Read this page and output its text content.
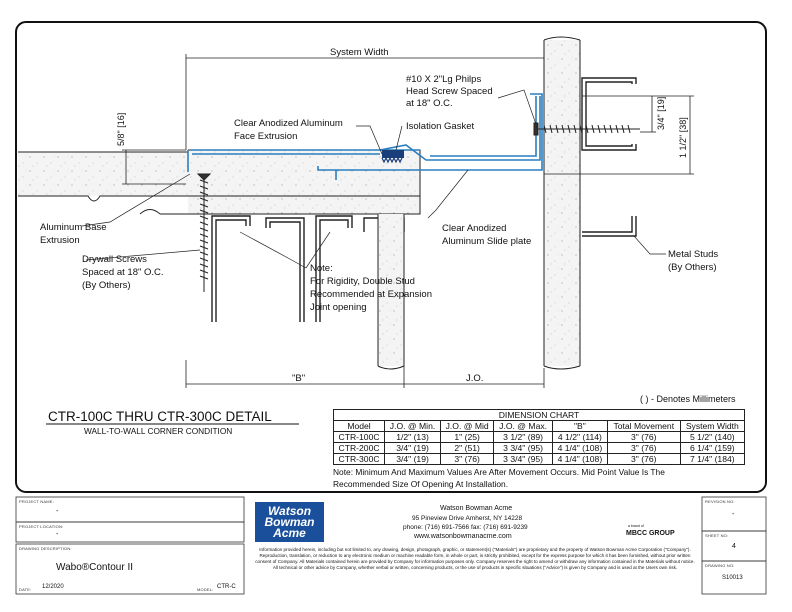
System Width
#10 X 2"Lg Philps
Head Screw Spaced
at 18" O.C.
Clear Anodized Aluminum
Face Extrusion
Isolation Gasket
5/8" [16]	3/4" [19]
1 1/2" [38]
Aluminum Base
Extrusion
Clear Anodized
Aluminum Slide plate
Drywall Screws
Spaced at 18" O.C.
(By Others)
Note:
For Rigidity, Double Stud
Recommended at Expansion
Joint opening
Metal Studs
(By Others)
"B"	J.O.
( ) - Denotes Millimeters
CTR-100C THRU CTR-300C DETAIL
WALL-TO-WALL CORNER CONDITION
DIMENSION CHART						
Model	J.O. @ Min.	J.O. @ Mid	J.O. @ Max.	"B"	Total Movement	System Width
CTR-100C	1/2" (13)	1" (25)	3 1/2" (89)	4 1/2" (114)	3" (76)	5 1/2" (140)
CTR-200C	3/4" (19)	2" (51)	3 3/4" (95)	4 1/4" (108)	3" (76)	6 1/4" (159)
CTR-300C	3/4" (19)	3" (76)	3 3/4" (95)	4 1/4" (108)	3" (76)	7 1/4" (184)
Note: Minimum And Maximum Values Are After Movement Occurs. Mid Point Value Is The
Recommended Size Of Opening At Installation.
PROJECT NAME:
-
PROJECT LOCATION:
-
DRAWING DESCRIPTION:
Wabo®Contour II
DATE: 12/2020	MODEL: CTR-C
Watson
Bowman
Acme
Watson Bowman Acme
95 Pineview Drive Amherst, NY 14228
phone: (716) 691-7566 fax: (716) 691-9239
www.watsonbowmanacme.com
a brand of
MBCC GROUP
Information provided herein, including but not limited to, any drawing, design, photograph, graphic, or statement(s) ("Materials") are proprietary and the property of Watson Bowman Acme Corporation ("Company"). Reproduction, translation, or reduction to any electronic medium or machine readable form, in whole or part, is strictly prohibited, except for the express purpose for which it has been furnished, without prior written consent of Company. All Materials contained herein are provided by Company for information purposes only. Company reserves the right to amend or withdraw any information contained in the Materials without notice. All technical or other advice by Company, whether verbal or written, concerning products, or the use of products in specific situations ("Advice") is given by Company and is used at the Users own risk.
REVISION NO:
-
SHEET NO:
4
DRAWING NO:
S10013
